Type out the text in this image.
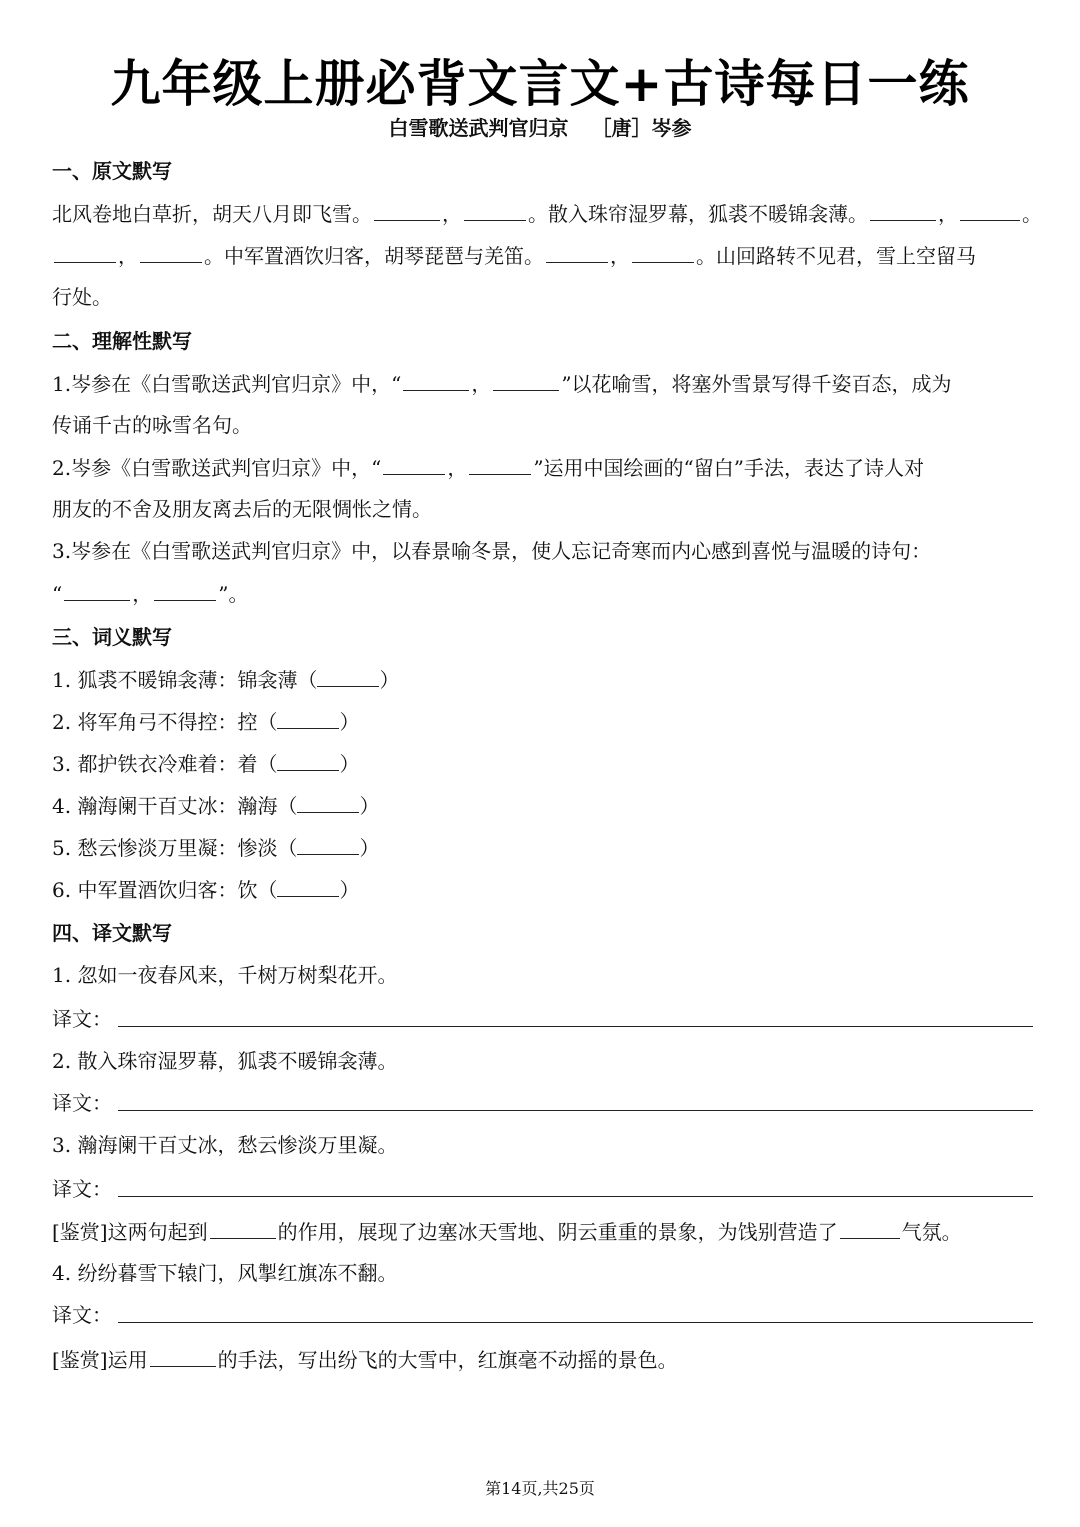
九年级上册必背文言文+古诗每日一练
白雪歌送武判官归京 ［唐］岑参
一、原文默写
北风卷地白草折，胡天八月即飞雪。	，	。散入珠帘湿罗幕，狐裘不暖锦衾薄。	，	。
，	。中军置酒饮归客，胡琴琵琶与羌笛。	，	。山回路转不见君，雪上空留马
行处。
二、理解性默写
1.岑参在《白雪歌送武判官归京》中，“	，	”以花喻雪，将塞外雪景写得千姿百态，成为
传诵千古的咏雪名句。
2.岑参《白雪歌送武判官归京》中，“	，	”运用中国绘画的“留白”手法，表达了诗人对
朋友的不舍及朋友离去后的无限惆怅之情。
3.岑参在《白雪歌送武判官归京》中，以春景喻冬景，使人忘记奇寒而内心感到喜悦与温暖的诗句：
“	，	”。
三、词义默写
1. 狐裘不暖锦衾薄：锦衾薄（	）
2. 将军角弓不得控：控（	）
3. 都护铁衣冷难着：着（	）
4. 瀚海阑干百丈冰：瀚海（	）
5. 愁云惨淡万里凝：惨淡（	）
6. 中军置酒饮归客：饮（	）
四、译文默写
1. 忽如一夜春风来，千树万树梨花开。
译文：
2. 散入珠帘湿罗幕，狐裘不暖锦衾薄。
译文：
3. 瀚海阑干百丈冰，愁云惨淡万里凝。
译文：
[鉴赏]这两句起到	的作用，展现了边塞冰天雪地、阴云重重的景象，为饯别营造了	气氛。
4. 纷纷暮雪下辕门，风掣红旗冻不翻。
译文：
[鉴赏]运用	的手法，写出纷飞的大雪中，红旗毫不动摇的景色。
第14页,共25页
